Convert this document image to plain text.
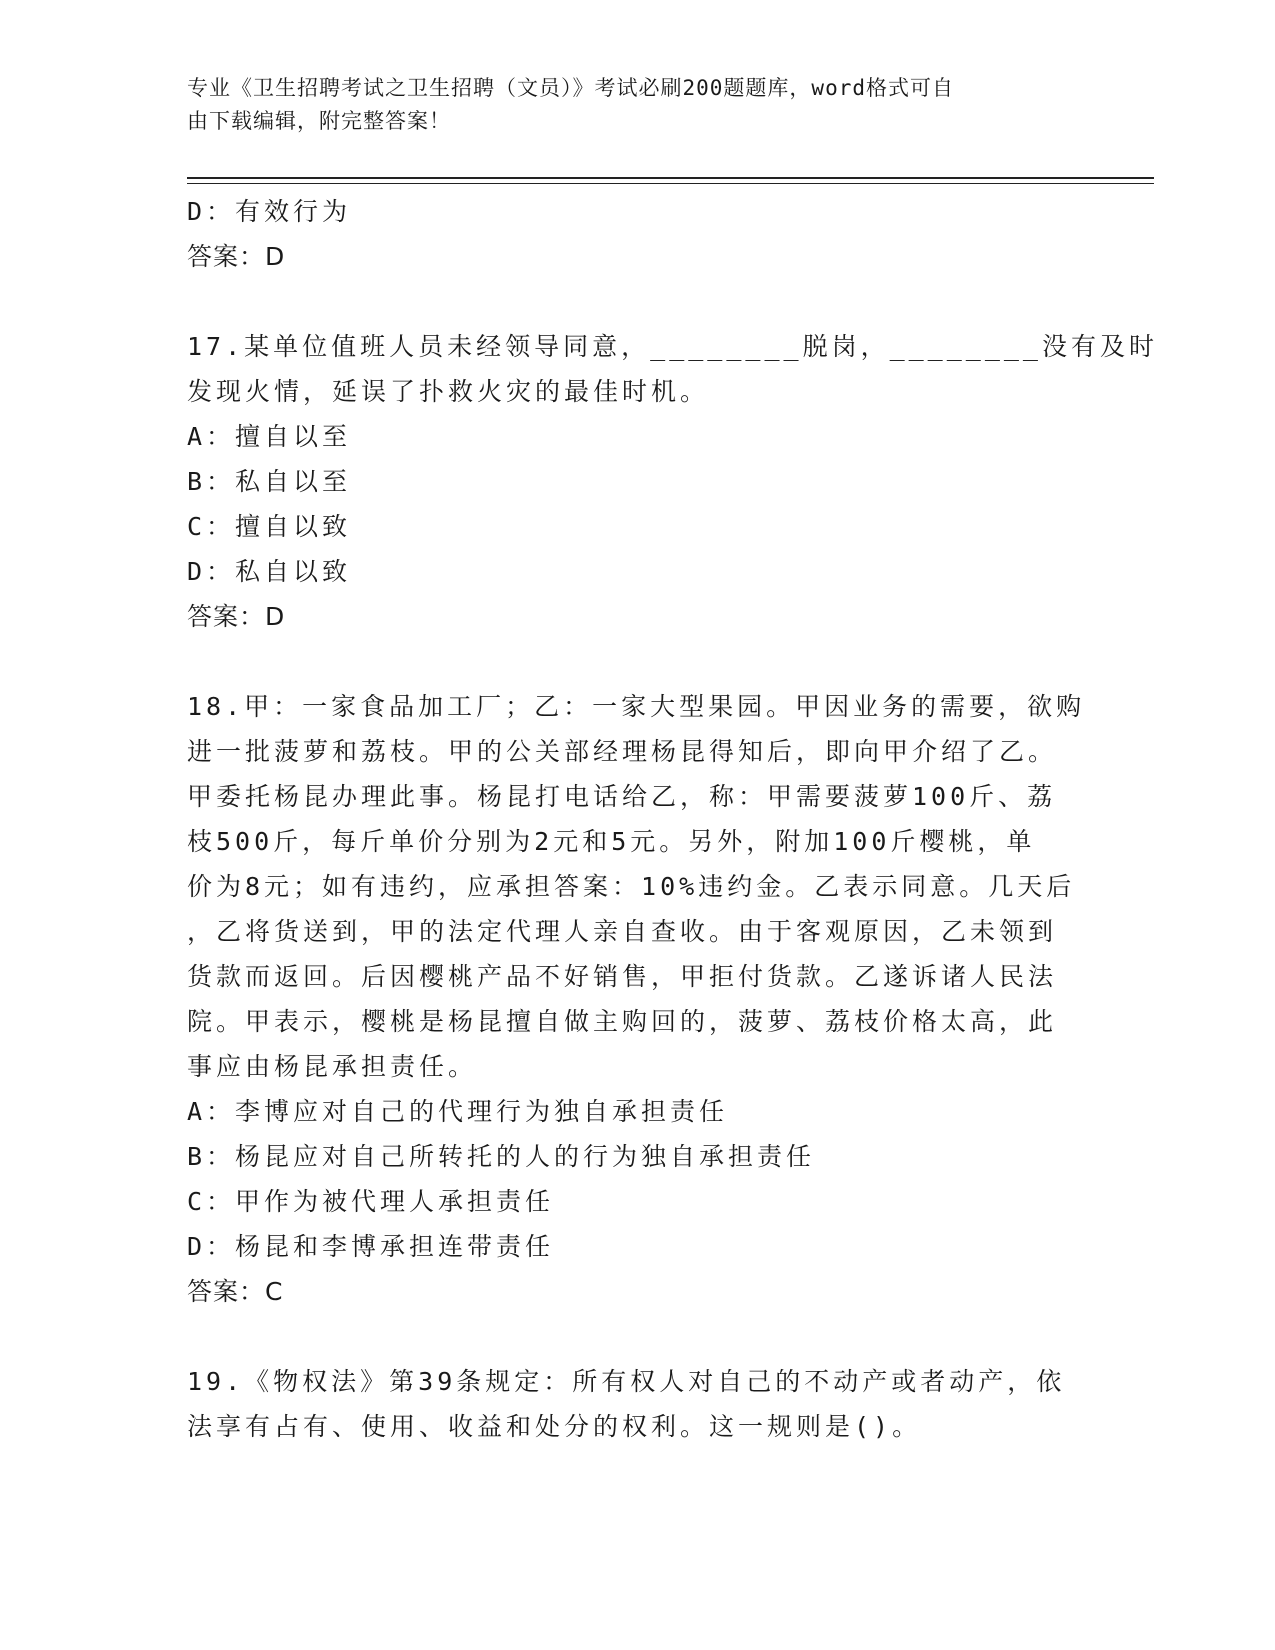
专业《卫生招聘考试之卫生招聘（文员）》考试必刷200题题库，word格式可自
由下载编辑，附完整答案！
D：有效行为
答案：D
17.某单位值班人员未经领导同意，________脱岗，________没有及时
发现火情，延误了扑救火灾的最佳时机。
A：擅自以至
B：私自以至
C：擅自以致
D：私自以致
答案：D
18.甲：一家食品加工厂；乙：一家大型果园。甲因业务的需要，欲购
进一批菠萝和荔枝。甲的公关部经理杨昆得知后，即向甲介绍了乙。
甲委托杨昆办理此事。杨昆打电话给乙，称：甲需要菠萝100斤、荔
枝500斤，每斤单价分别为2元和5元。另外，附加100斤樱桃，单
价为8元；如有违约，应承担答案：10%违约金。乙表示同意。几天后
，乙将货送到，甲的法定代理人亲自查收。由于客观原因，乙未领到
货款而返回。后因樱桃产品不好销售，甲拒付货款。乙遂诉诸人民法
院。甲表示，樱桃是杨昆擅自做主购回的，菠萝、荔枝价格太高，此
事应由杨昆承担责任。
A：李博应对自己的代理行为独自承担责任
B：杨昆应对自己所转托的人的行为独自承担责任
C：甲作为被代理人承担责任
D：杨昆和李博承担连带责任
答案：C
19.《物权法》第39条规定：所有权人对自己的不动产或者动产，依
法享有占有、使用、收益和处分的权利。这一规则是()。
